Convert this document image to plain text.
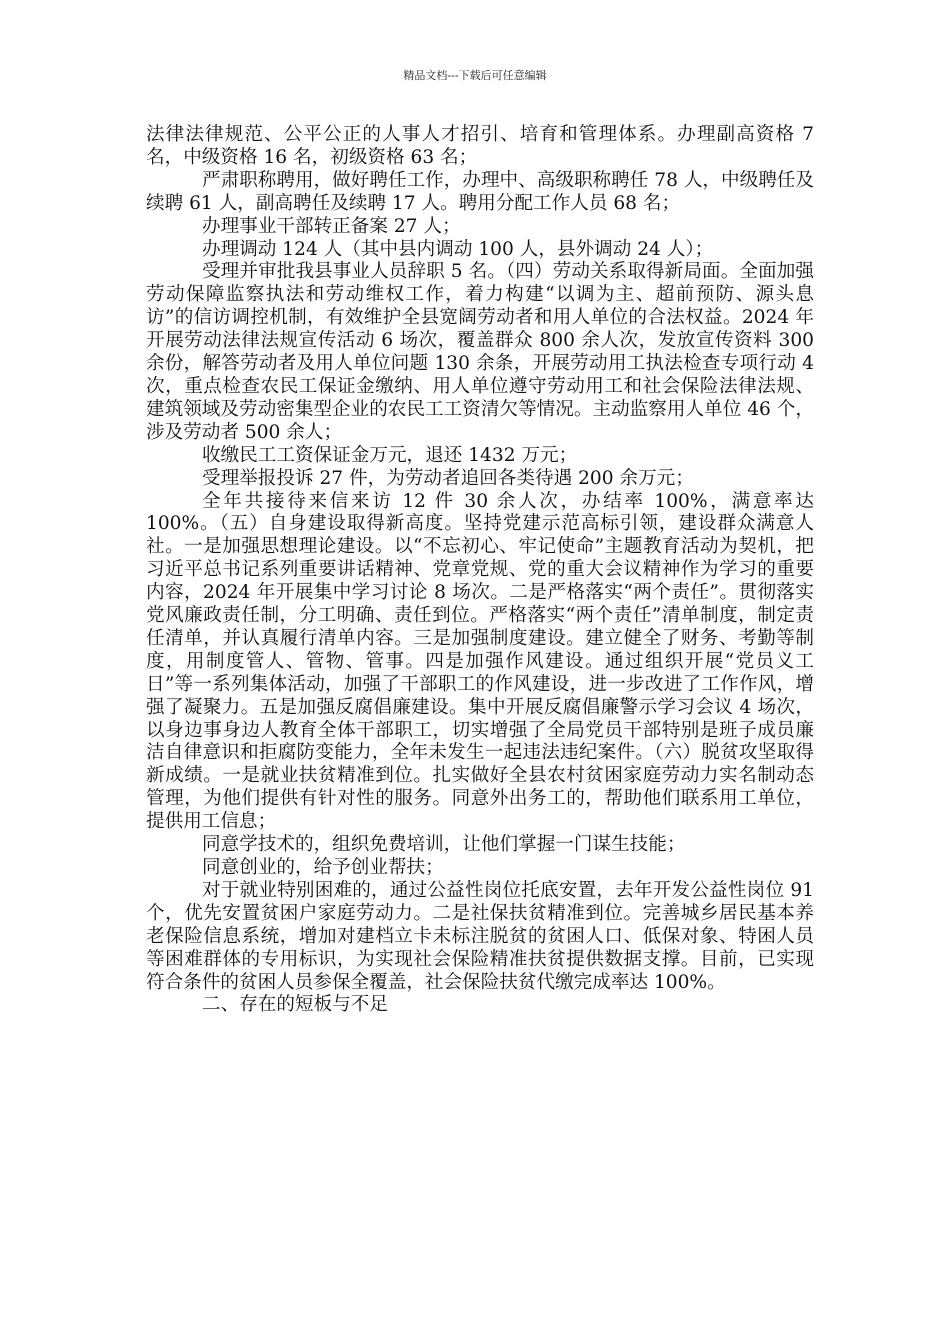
精品文档---下载后可任意编辑

法律法律规范、公平公正的人事人才招引、培育和管理体系。办理副高资格 7 名，中级资格 16 名，初级资格 63 名；

严肃职称聘用，做好聘任工作，办理中、高级职称聘任 78 人，中级聘任及续聘 61 人，副高聘任及续聘 17 人。聘用分配工作人员 68 名；

办理事业干部转正备案 27 人；

办理调动 124 人（其中县内调动 100 人，县外调动 24 人）；

受理并审批我县事业人员辞职 5 名。（四）劳动关系取得新局面。全面加强劳动保障监察执法和劳动维权工作，着力构建“以调为主、超前预防、源头息访”的信访调控机制，有效维护全县宽阔劳动者和用人单位的合法权益。2024 年开展劳动法律法规宣传活动 6 场次，覆盖群众 800 余人次，发放宣传资料 300 余份，解答劳动者及用人单位问题 130 余条，开展劳动用工执法检查专项行动 4 次，重点检查农民工保证金缴纳、用人单位遵守劳动用工和社会保险法律法规、建筑领域及劳动密集型企业的农民工工资清欠等情况。主动监察用人单位 46 个，涉及劳动者 500 余人；

收缴民工工资保证金万元，退还 1432 万元；

受理举报投诉 27 件，为劳动者追回各类待遇 200 余万元；

全年共接待来信来访 12 件 30 余人次，办结率 100%，满意率达 100%。（五）自身建设取得新高度。坚持党建示范高标引领，建设群众满意人社。一是加强思想理论建设。以“不忘初心、牢记使命”主题教育活动为契机，把习近平总书记系列重要讲话精神、党章党规、党的重大会议精神作为学习的重要内容，2024 年开展集中学习讨论 8 场次。二是严格落实“两个责任”。贯彻落实党风廉政责任制，分工明确、责任到位。严格落实“两个责任”清单制度，制定责任清单，并认真履行清单内容。三是加强制度建设。建立健全了财务、考勤等制度，用制度管人、管物、管事。四是加强作风建设。通过组织开展“党员义工日”等一系列集体活动，加强了干部职工的作风建设，进一步改进了工作作风，增强了凝聚力。五是加强反腐倡廉建设。集中开展反腐倡廉警示学习会议 4 场次，以身边事身边人教育全体干部职工，切实增强了全局党员干部特别是班子成员廉洁自律意识和拒腐防变能力，全年未发生一起违法违纪案件。（六）脱贫攻坚取得新成绩。一是就业扶贫精准到位。扎实做好全县农村贫困家庭劳动力实名制动态管理，为他们提供有针对性的服务。同意外出务工的，帮助他们联系用工单位，提供用工信息；

同意学技术的，组织免费培训，让他们掌握一门谋生技能；

同意创业的，给予创业帮扶；

对于就业特别困难的，通过公益性岗位托底安置，去年开发公益性岗位 91 个，优先安置贫困户家庭劳动力。二是社保扶贫精准到位。完善城乡居民基本养老保险信息系统，增加对建档立卡未标注脱贫的贫困人口、低保对象、特困人员等困难群体的专用标识，为实现社会保险精准扶贫提供数据支撑。目前，已实现符合条件的贫困人员参保全覆盖，社会保险扶贫代缴完成率达 100%。

二、存在的短板与不足
